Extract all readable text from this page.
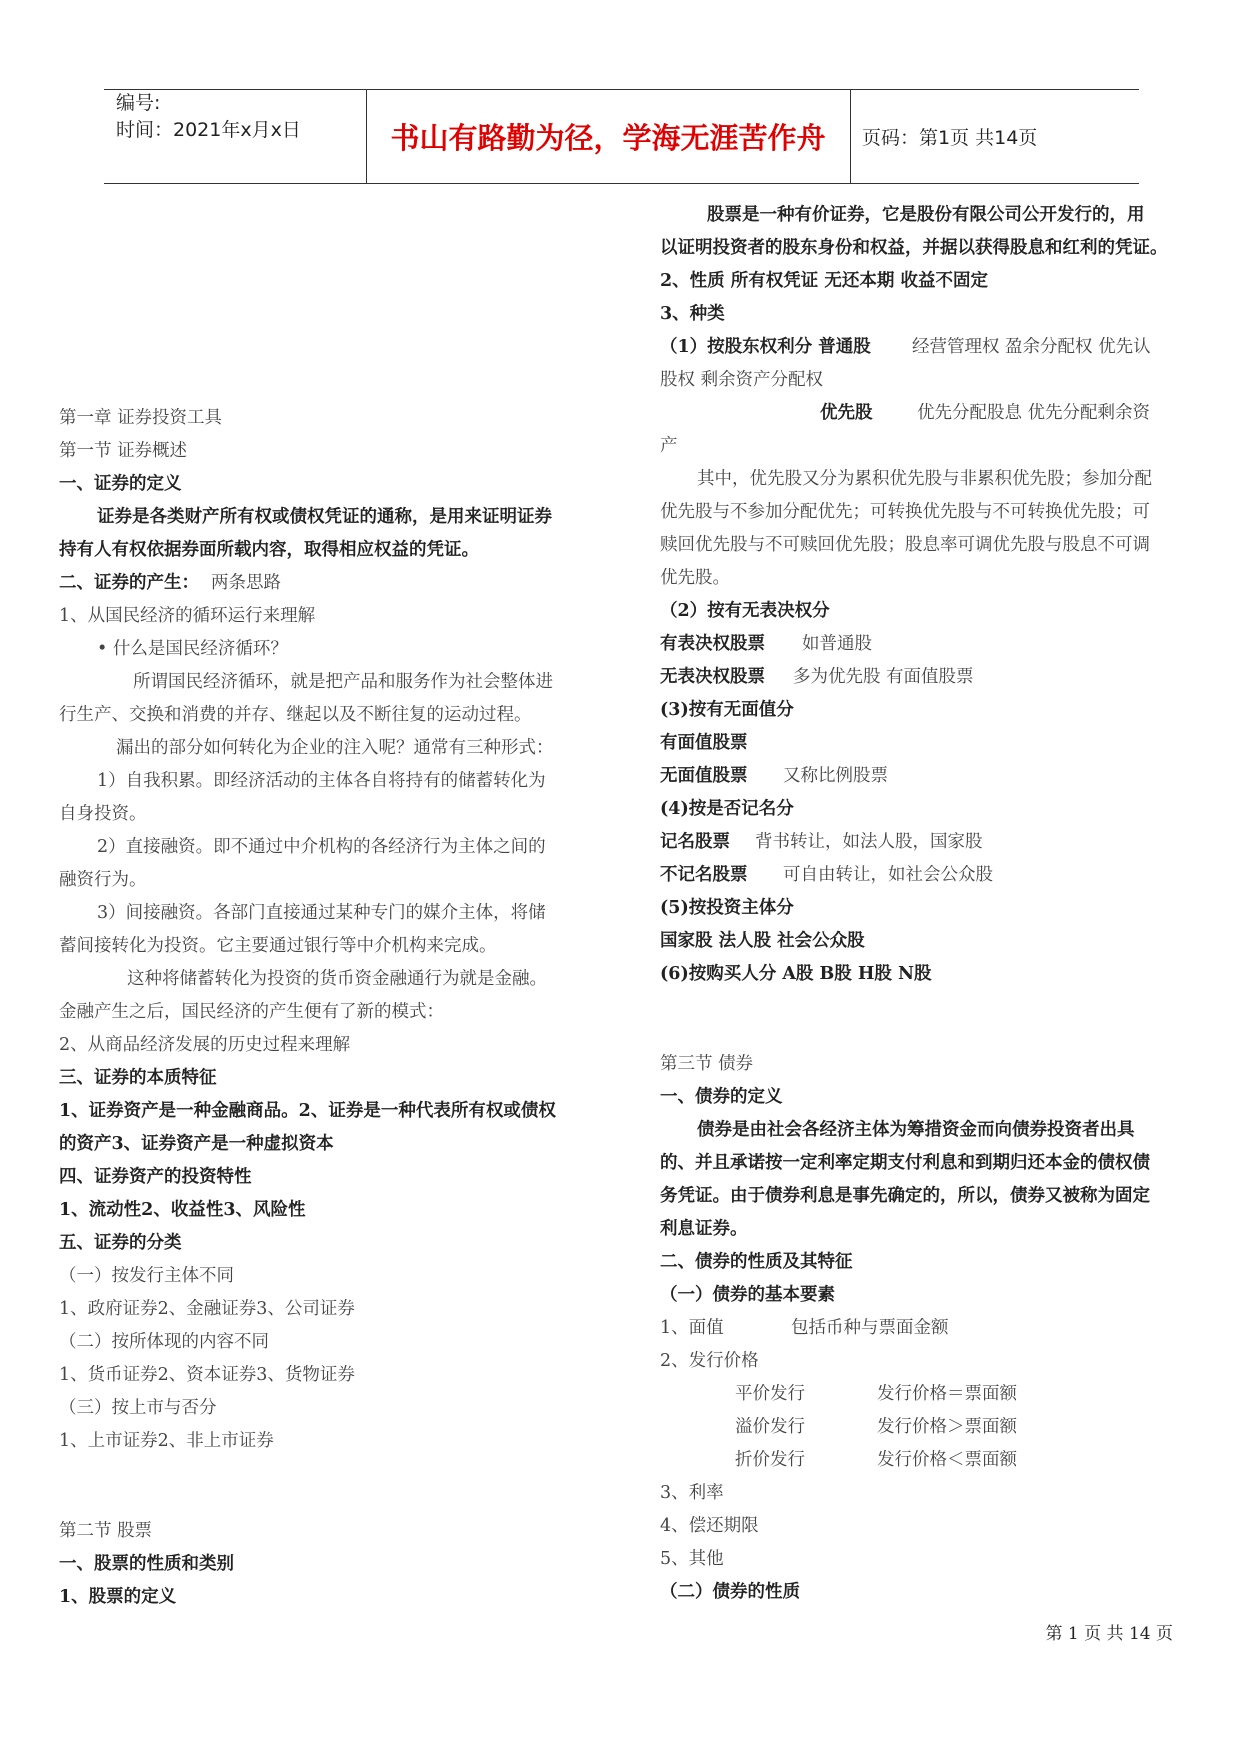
编号:
时间：2021年x月x日	书山有路勤为径，学海无涯苦作舟	页码：第1页 共14页
第一章 证券投资工具
第一节 证券概述
一、证券的定义
证券是各类财产所有权或债权凭证的通称，是用来证明证券
持有人有权依据券面所载内容，取得相应权益的凭证。
二、证券的产生： 两条思路
1、从国民经济的循环运行来理解
• 什么是国民经济循环？
所谓国民经济循环，就是把产品和服务作为社会整体进
行生产、交换和消费的并存、继起以及不断往复的运动过程。
漏出的部分如何转化为企业的注入呢？通常有三种形式：
1）自我积累。即经济活动的主体各自将持有的储蓄转化为
自身投资。
2）直接融资。即不通过中介机构的各经济行为主体之间的
融资行为。
3）间接融资。各部门直接通过某种专门的媒介主体，将储
蓄间接转化为投资。它主要通过银行等中介机构来完成。
这种将储蓄转化为投资的货币资金融通行为就是金融。
金融产生之后，国民经济的产生便有了新的模式：
2、从商品经济发展的历史过程来理解
三、证券的本质特征
1、证券资产是一种金融商品。2、证券是一种代表所有权或债权
的资产3、证券资产是一种虚拟资本
四、证券资产的投资特性
1、流动性2、收益性3、风险性
五、证券的分类
（一）按发行主体不同
1、政府证券2、金融证券3、公司证券
（二）按所体现的内容不同
1、货币证券2、资本证券3、货物证券
（三）按上市与否分
1、上市证券2、非上市证券
第二节 股票
一、股票的性质和类别
1、股票的定义
股票是一种有价证券，它是股份有限公司公开发行的，用
以证明投资者的股东身份和权益，并据以获得股息和红利的凭证。
2、性质 所有权凭证 无还本期 收益不固定
3、种类
（1）按股东权利分 普通股 经营管理权 盈余分配权 优先认
股权 剩余资产分配权
优先股	优先分配股息 优先分配剩余资
产
其中，优先股又分为累积优先股与非累积优先股；参加分配
优先股与不参加分配优先；可转换优先股与不可转换优先股；可
赎回优先股与不可赎回优先股；股息率可调优先股与股息不可调
优先股。
（2）按有无表决权分
有表决权股票 如普通股
无表决权股票 多为优先股 有面值股票
(3)按有无面值分
有面值股票
无面值股票 又称比例股票
(4)按是否记名分
记名股票 背书转让，如法人股，国家股
不记名股票 可自由转让，如社会公众股
(5)按投资主体分
国家股 法人股 社会公众股
(6)按购买人分 A股 B股 H股 N股
第三节 债券
一、债券的定义
债券是由社会各经济主体为筹措资金而向债券投资者出具
的、并且承诺按一定利率定期支付利息和到期归还本金的债权债
务凭证。由于债券利息是事先确定的，所以，债券又被称为固定
利息证券。
二、债券的性质及其特征
（一）债券的基本要素
1、面值	包括币种与票面金额
2、发行价格
平价发行	发行价格＝票面额
溢价发行	发行价格＞票面额
折价发行	发行价格＜票面额
3、利率
4、偿还期限
5、其他
（二）债券的性质
第 1 页 共 14 页
